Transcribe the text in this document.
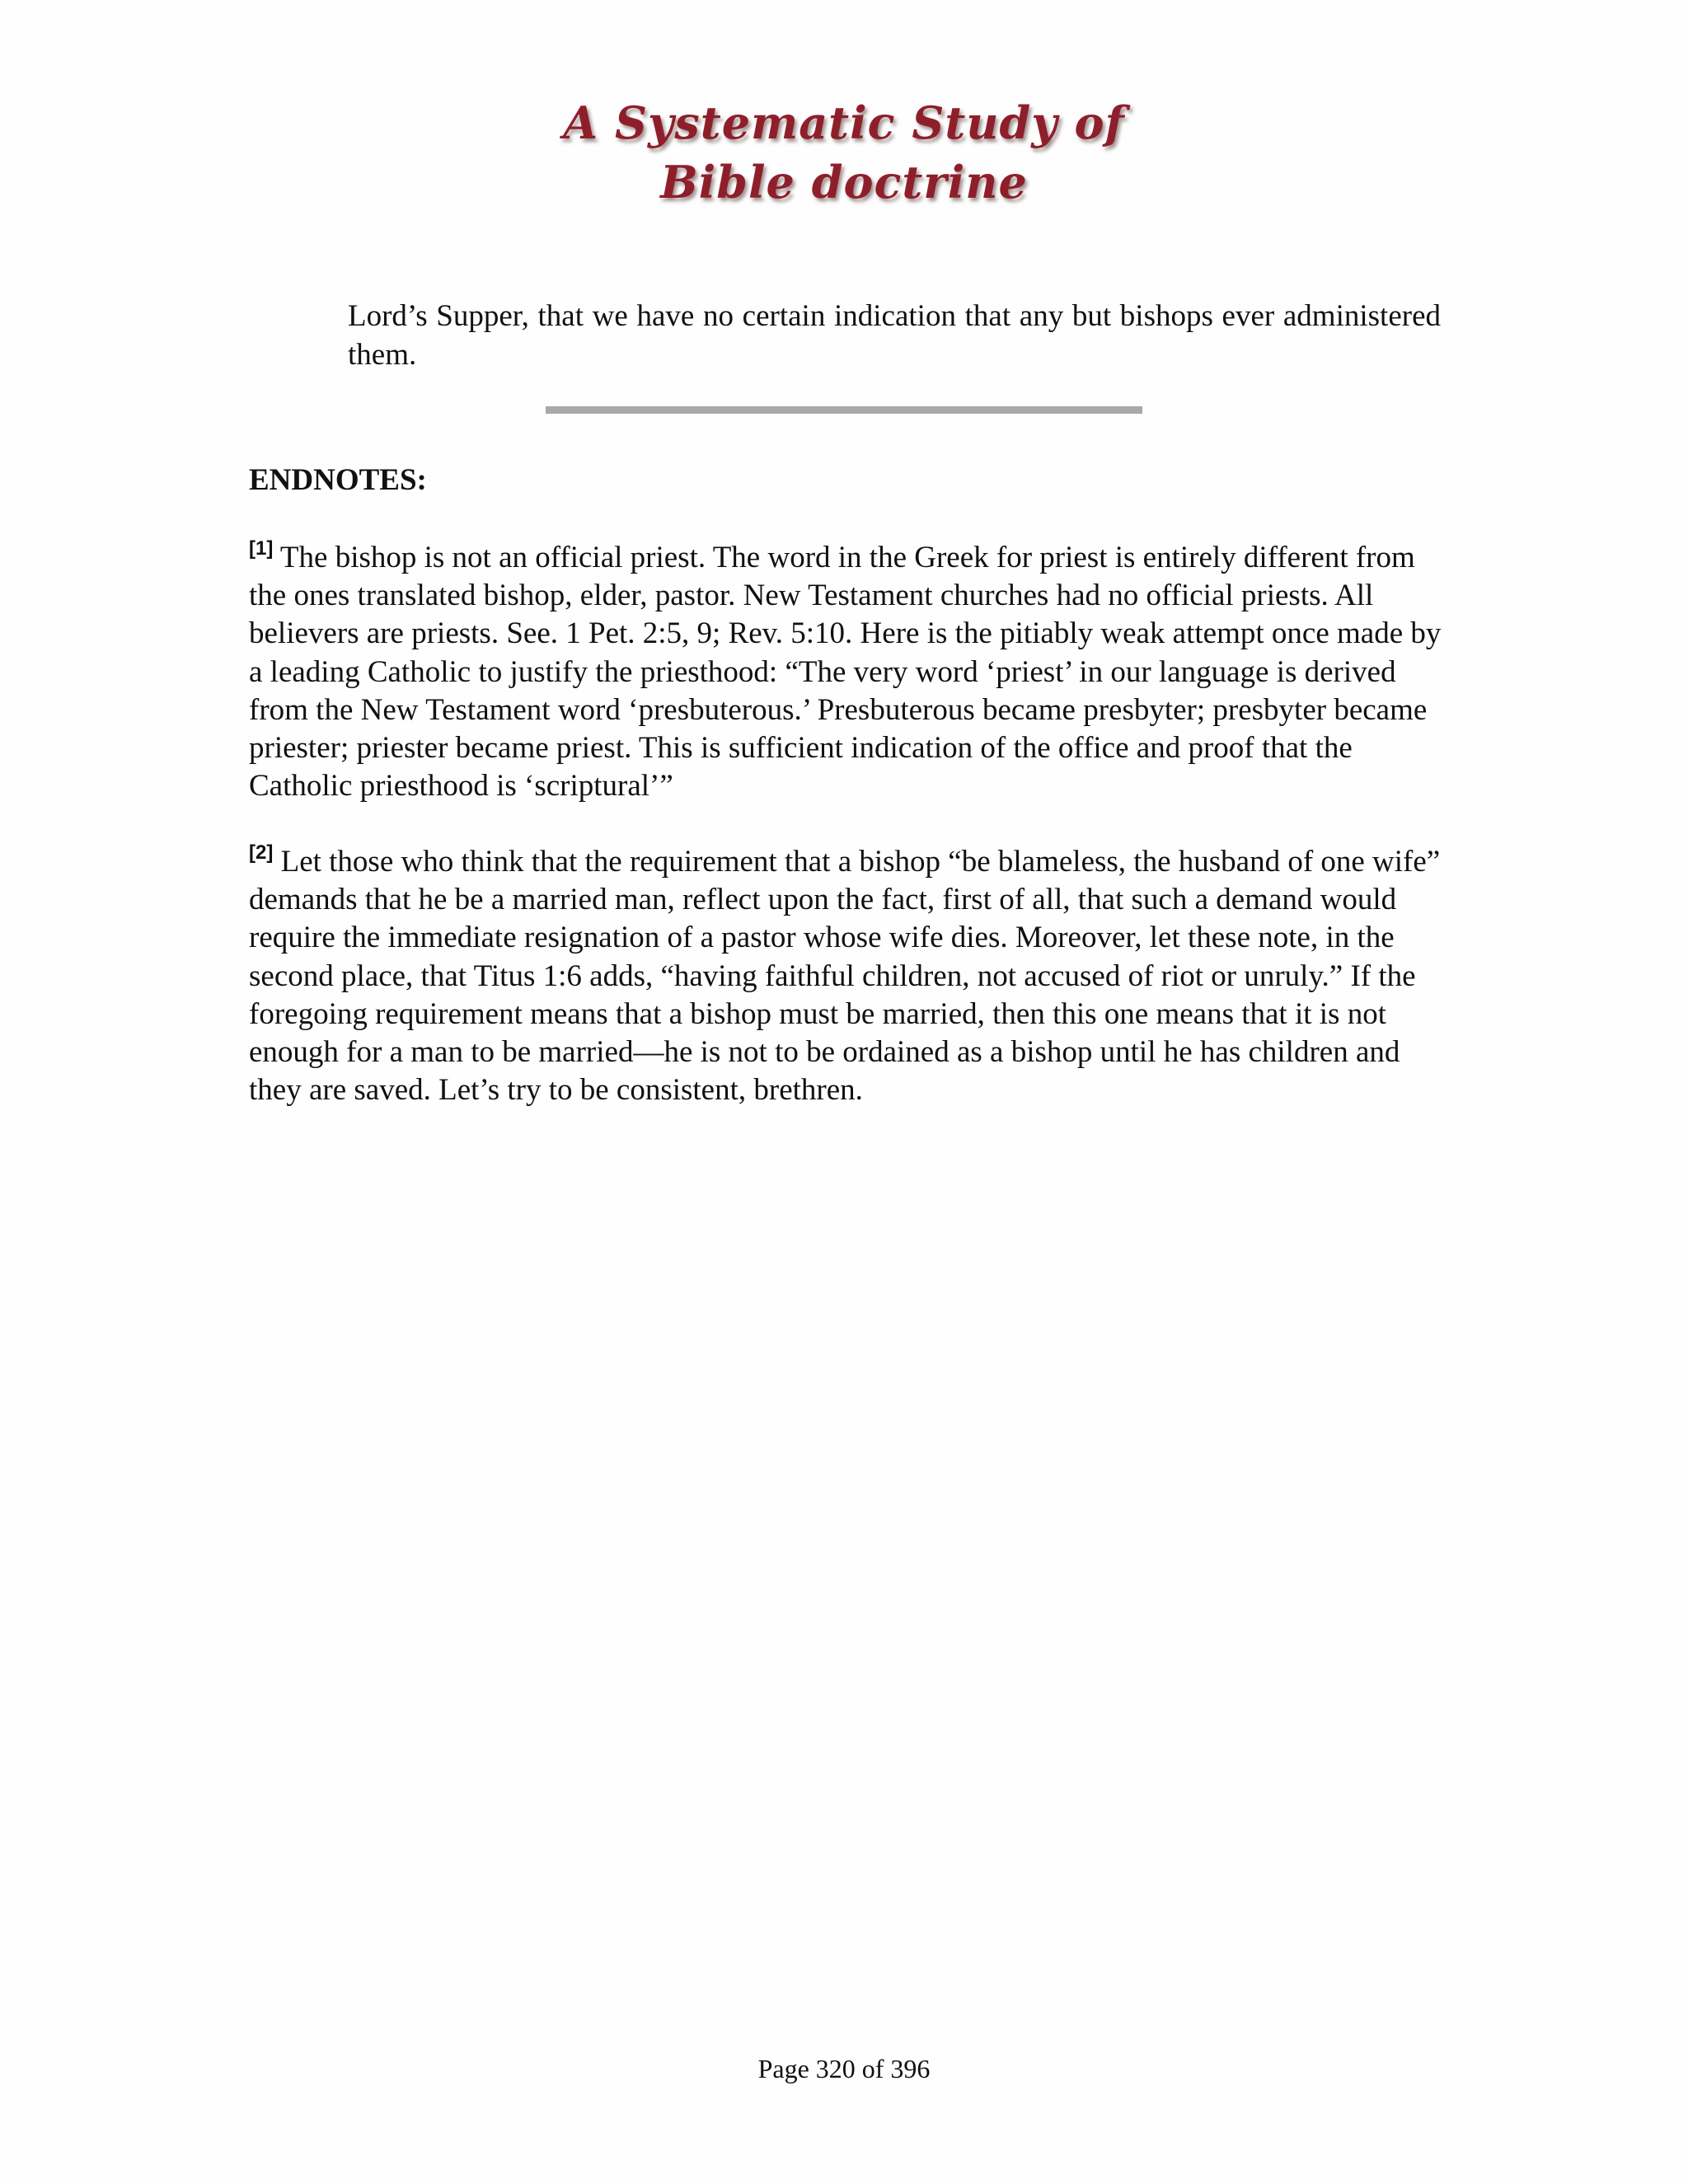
A Systematic Study of
Bible doctrine

Lord’s Supper, that we have no certain indication that any but bishops ever administered them.

ENDNOTES:

[1] The bishop is not an official priest. The word in the Greek for priest is entirely different from the ones translated bishop, elder, pastor. New Testament churches had no official priests. All believers are priests. See. 1 Pet. 2:5, 9; Rev. 5:10. Here is the pitiably weak attempt once made by a leading Catholic to justify the priesthood: “The very word ‘priest’ in our language is derived from the New Testament word ‘presbuterous.’ Presbuterous became presbyter; presbyter became priester; priester became priest. This is sufficient indication of the office and proof that the Catholic priesthood is ‘scriptural’”

[2] Let those who think that the requirement that a bishop “be blameless, the husband of one wife” demands that he be a married man, reflect upon the fact, first of all, that such a demand would require the immediate resignation of a pastor whose wife dies. Moreover, let these note, in the second place, that Titus 1:6 adds, “having faithful children, not accused of riot or unruly.” If the foregoing requirement means that a bishop must be married, then this one means that it is not enough for a man to be married—he is not to be ordained as a bishop until he has children and they are saved. Let’s try to be consistent, brethren.

Page 320 of 396
